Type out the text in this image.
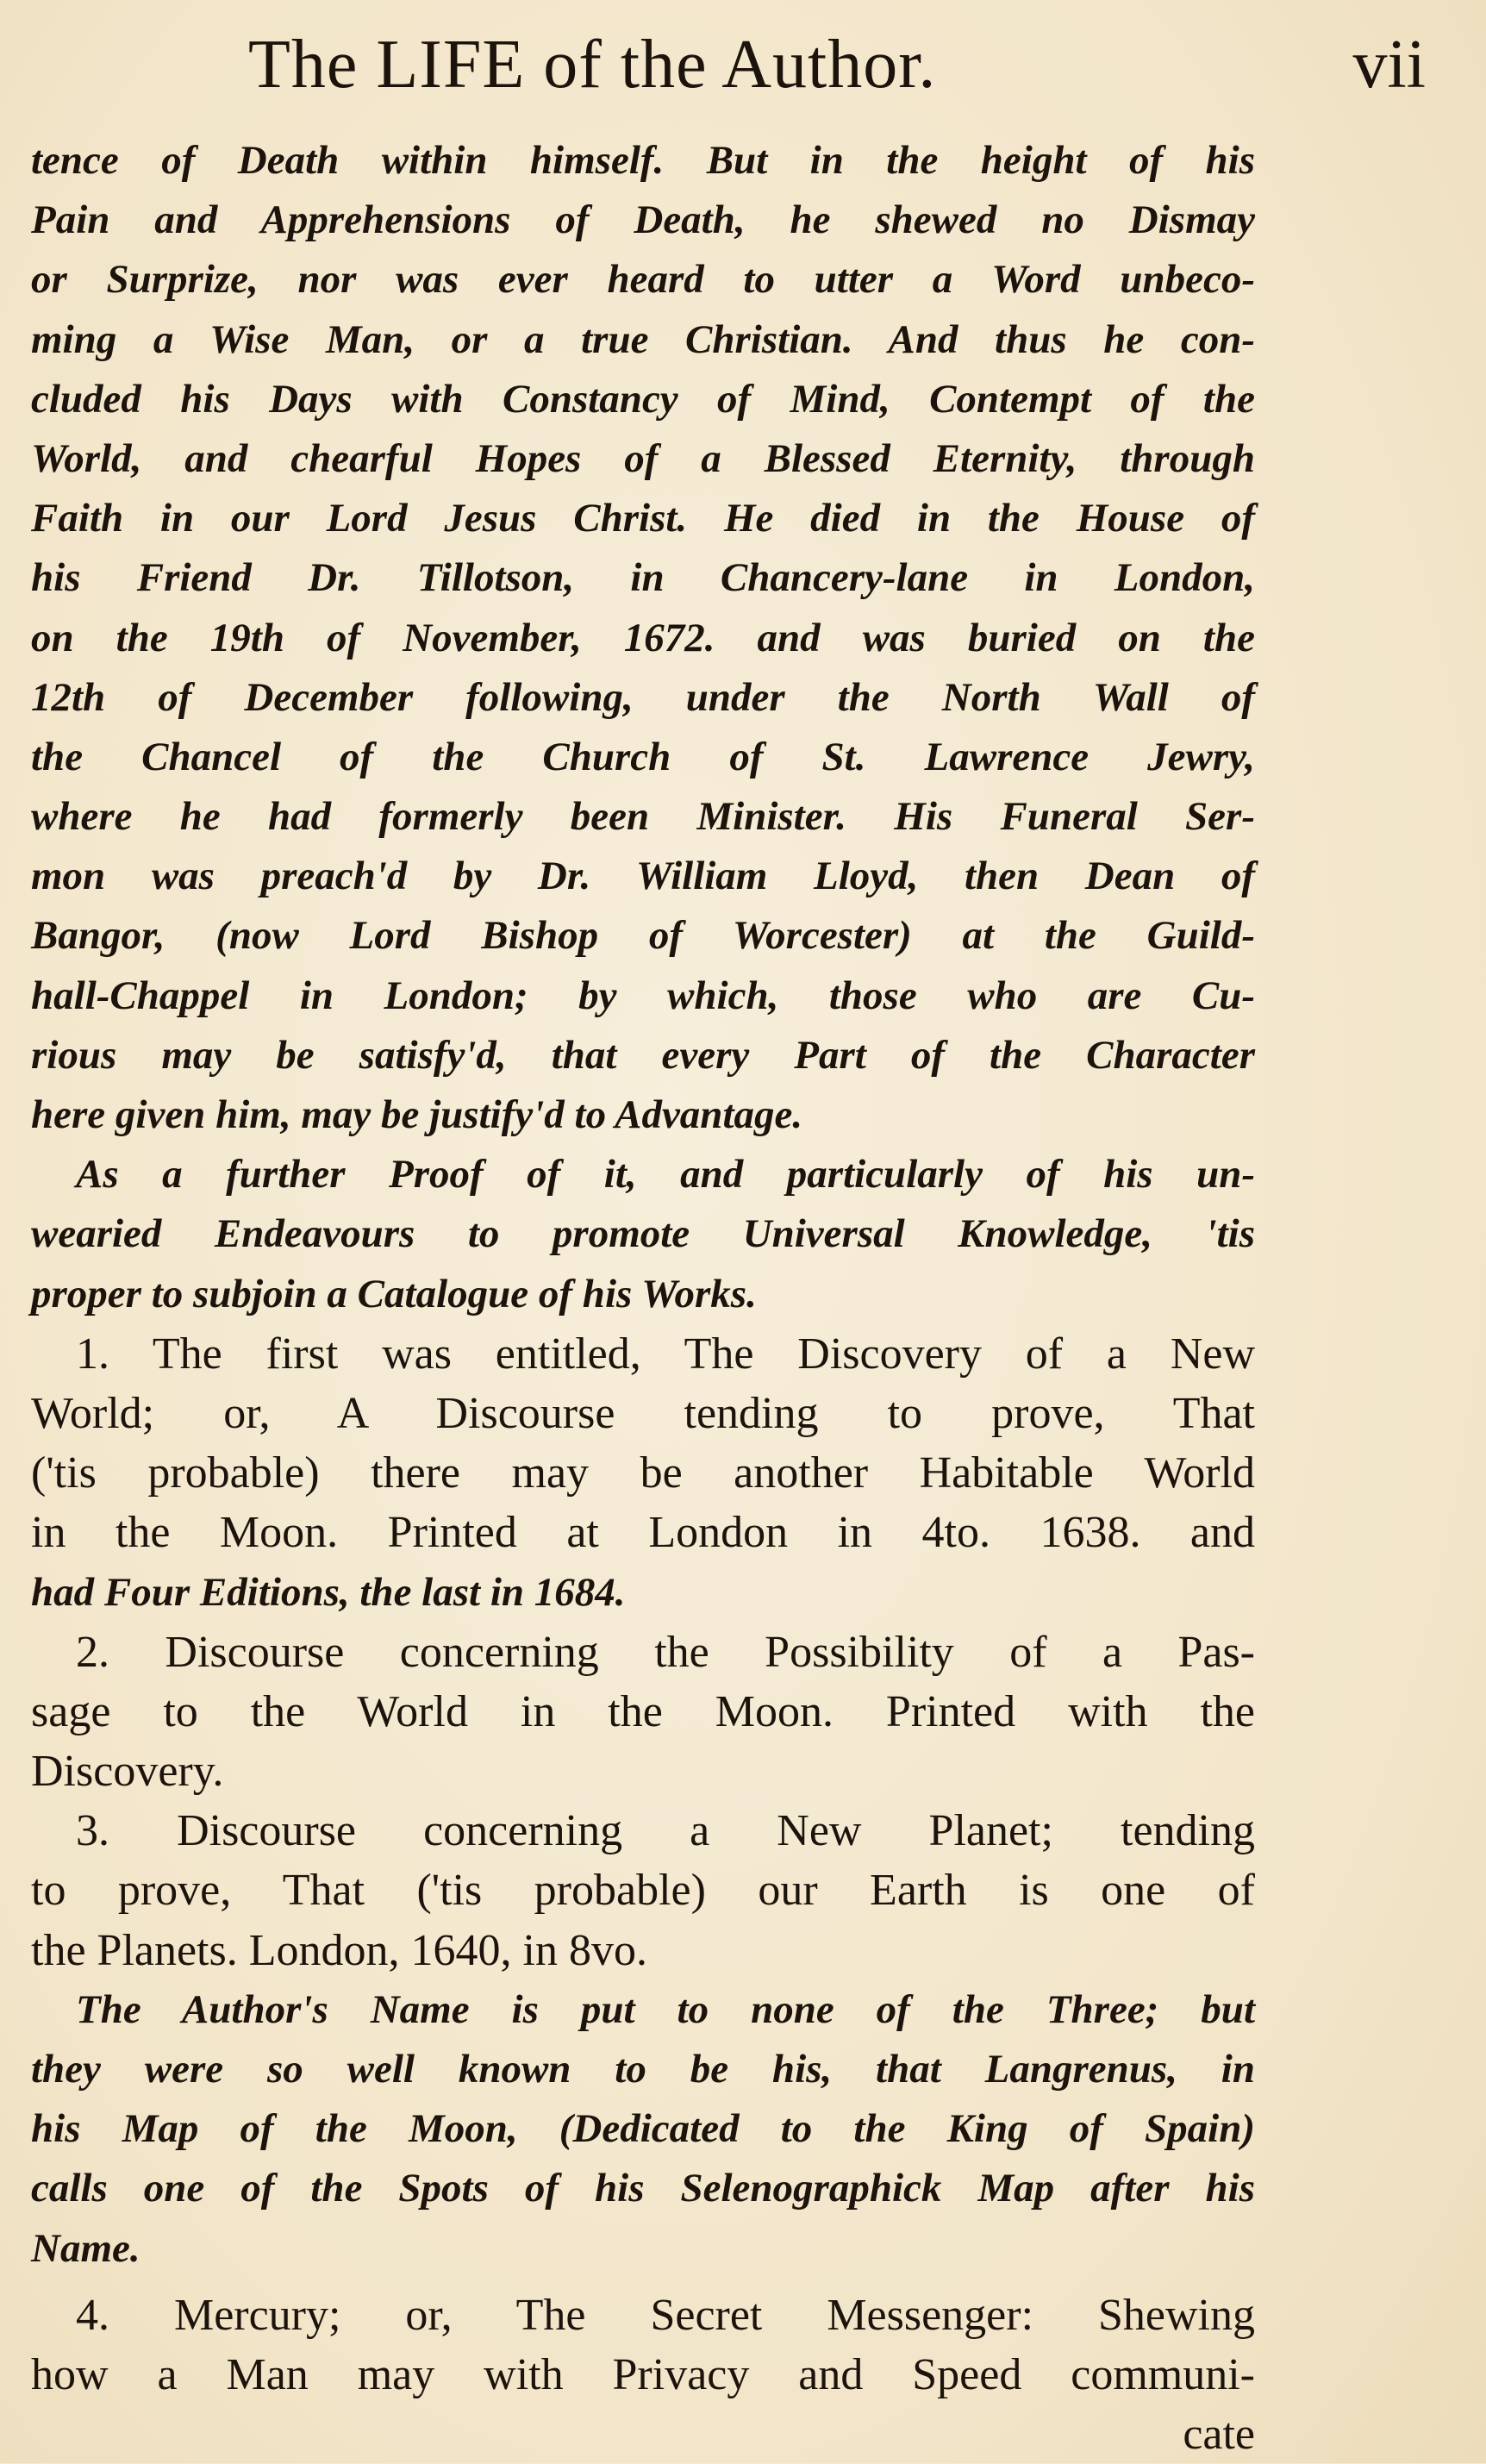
The LIFE of the Author.	vii
tence of Death within himself. But in the height of his
Pain and Apprehensions of Death, he shewed no Dismay
or Surprize, nor was ever heard to utter a Word unbeco-
ming a Wise Man, or a true Christian. And thus he con-
cluded his Days with Constancy of Mind, Contempt of the
World, and chearful Hopes of a Blessed Eternity, through
Faith in our Lord Jesus Christ. He died in the House of
his Friend Dr. Tillotson, in Chancery-lane in London,
on the 19th of November, 1672. and was buried on the
12th of December following, under the North Wall of
the Chancel of the Church of St. Lawrence Jewry,
where he had formerly been Minister. His Funeral Ser-
mon was preach'd by Dr. William Lloyd, then Dean of
Bangor, (now Lord Bishop of Worcester) at the Guild-
hall-Chappel in London; by which, those who are Cu-
rious may be satisfy'd, that every Part of the Character
here given him, may be justify'd to Advantage.
As a further Proof of it, and particularly of his un-
wearied Endeavours to promote Universal Knowledge, 'tis
proper to subjoin a Catalogue of his Works.
1. The first was entitled, The Discovery of a New
World; or, A Discourse tending to prove, That
('tis probable) there may be another Habitable World
in the Moon. Printed at London in 4to. 1638. and
had Four Editions, the last in 1684.
2. Discourse concerning the Possibility of a Pas-
sage to the World in the Moon. Printed with the
Discovery.
3. Discourse concerning a New Planet; tending
to prove, That ('tis probable) our Earth is one of
the Planets. London, 1640, in 8vo.
The Author's Name is put to none of the Three; but
they were so well known to be his, that Langrenus, in
his Map of the Moon, (Dedicated to the King of Spain)
calls one of the Spots of his Selenographick Map after his
Name.
4. Mercury; or, The Secret Messenger: Shewing
how a Man may with Privacy and Speed communi-
cate
